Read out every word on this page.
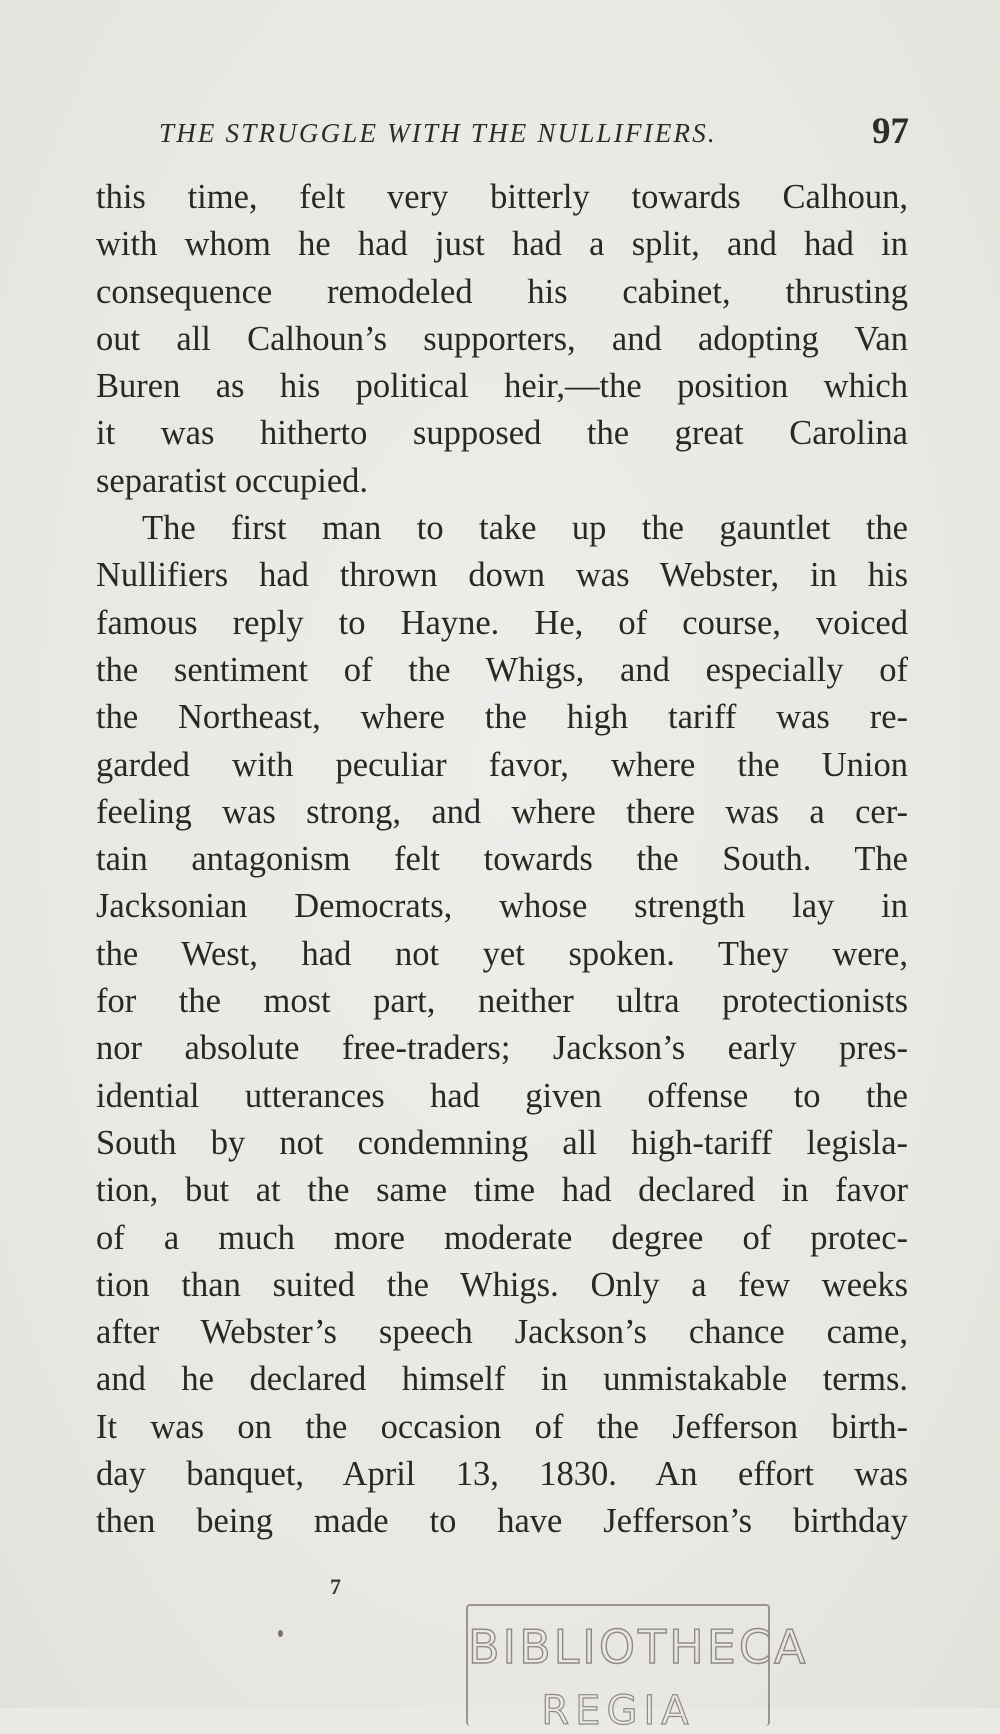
THE STRUGGLE WITH THE NULLIFIERS.	97
this time, felt very bitterly towards Calhoun,
with whom he had just had a split, and had in
consequence remodeled his cabinet, thrusting
out all Calhoun’s supporters, and adopting Van
Buren as his political heir,—the position which
it was hitherto supposed the great Carolina
separatist occupied.
The first man to take up the gauntlet the
Nullifiers had thrown down was Webster, in his
famous reply to Hayne. He, of course, voiced
the sentiment of the Whigs, and especially of
the Northeast, where the high tariff was re-
garded with peculiar favor, where the Union
feeling was strong, and where there was a cer-
tain antagonism felt towards the South. The
Jacksonian Democrats, whose strength lay in
the West, had not yet spoken. They were,
for the most part, neither ultra protectionists
nor absolute free-traders; Jackson’s early pres-
idential utterances had given offense to the
South by not condemning all high-tariff legisla-
tion, but at the same time had declared in favor
of a much more moderate degree of protec-
tion than suited the Whigs. Only a few weeks
after Webster’s speech Jackson’s chance came,
and he declared himself in unmistakable terms.
It was on the occasion of the Jefferson birth-
day banquet, April 13, 1830. An effort was
then being made to have Jefferson’s birthday
7
BIBLIOTHECA
REGIA
